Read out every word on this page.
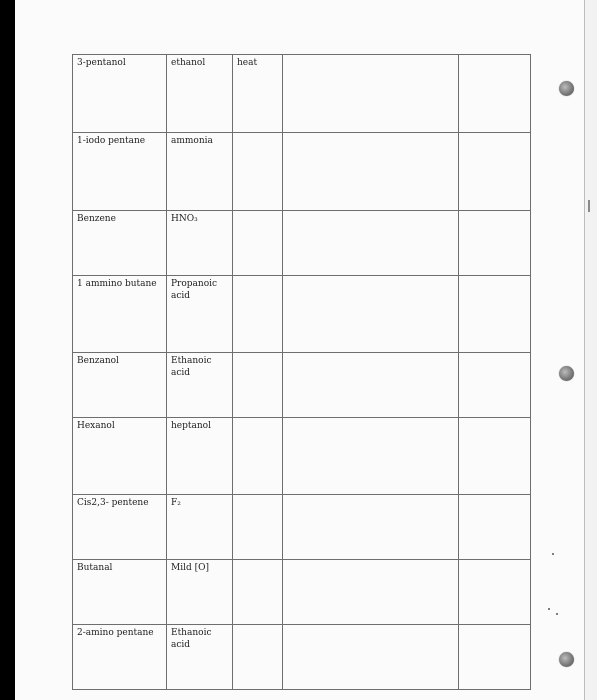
3-pentanol	ethanol	heat		
1-iodo pentane	ammonia			
Benzene	HNO₃			
1 ammino butane	Propanoic acid			
Benzanol	Ethanoic acid			
Hexanol	heptanol			
Cis2,3- pentene	F₂			
Butanal	Mild [O]			
2-amino pentane	Ethanoic acid			
